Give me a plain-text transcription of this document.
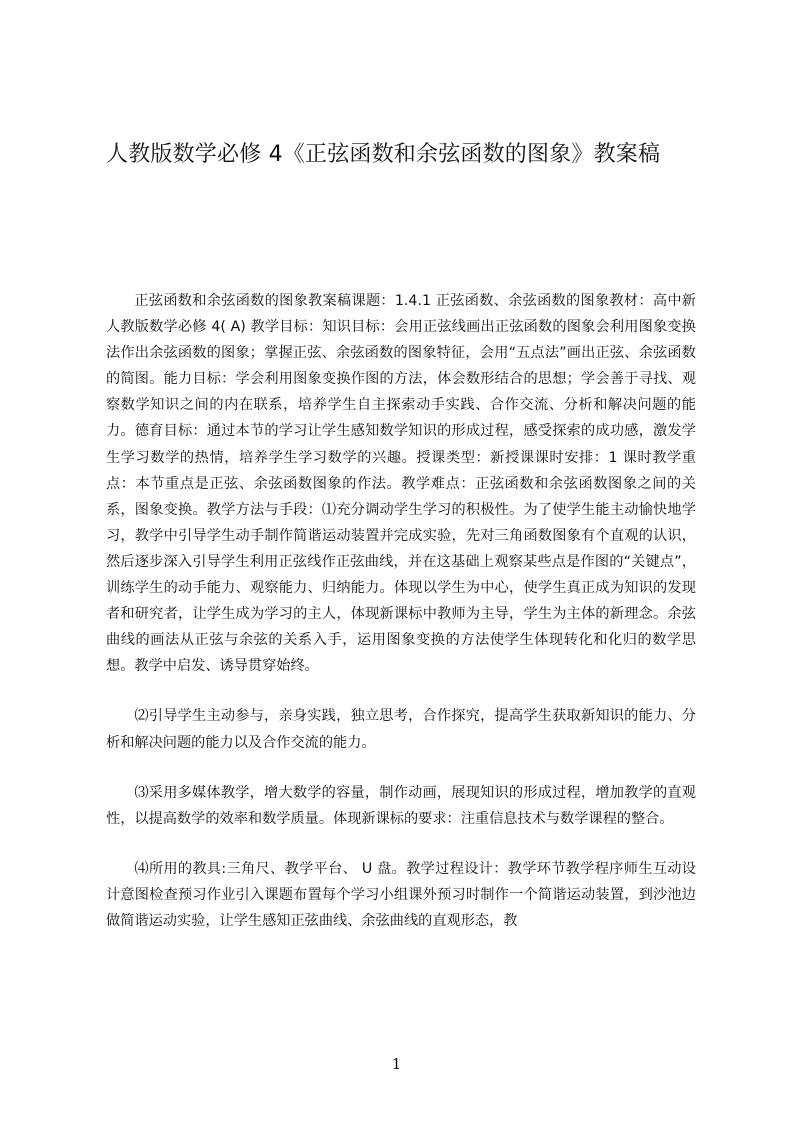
人教版数学必修 4《正弦函数和余弦函数的图象》教案稿

正弦函数和余弦函数的图象教案稿课题：1.4.1 正弦函数、余弦函数的图象教材：高中新人教版数学必修 4( A) 教学目标：知识目标：会用正弦线画出正弦函数的图象会利用图象变换法作出余弦函数的图象；掌握正弦、余弦函数的图象特征，会用“五点法”画出正弦、余弦函数的简图。能力目标：学会利用图象变换作图的方法，体会数形结合的思想；学会善于寻找、观察数学知识之间的内在联系，培养学生自主探索动手实践、合作交流、分析和解决问题的能力。德育目标：通过本节的学习让学生感知数学知识的形成过程，感受探索的成功感，激发学生学习数学的热情，培养学生学习数学的兴趣。授课类型：新授课课时安排：1 课时教学重点：本节重点是正弦、余弦函数图象的作法。教学难点：正弦函数和余弦函数图象之间的关系，图象变换。教学方法与手段：⑴充分调动学生学习的积极性。为了使学生能主动愉快地学习，教学中引导学生动手制作简谐运动装置并完成实验，先对三角函数图象有个直观的认识，然后逐步深入引导学生利用正弦线作正弦曲线，并在这基础上观察某些点是作图的“关键点”，训练学生的动手能力、观察能力、归纳能力。体现以学生为中心，使学生真正成为知识的发现者和研究者，让学生成为学习的主人，体现新课标中教师为主导，学生为主体的新理念。余弦曲线的画法从正弦与余弦的关系入手，运用图象变换的方法使学生体现转化和化归的数学思想。教学中启发、诱导贯穿始终。

⑵引导学生主动参与，亲身实践，独立思考，合作探究，提高学生获取新知识的能力、分析和解决问题的能力以及合作交流的能力。

⑶采用多媒体教学，增大数学的容量，制作动画，展现知识的形成过程，增加教学的直观性，以提高数学的效率和数学质量。体现新课标的要求：注重信息技术与数学课程的整合。

⑷所用的教具:三角尺、教学平台、 U 盘。教学过程设计：教学环节教学程序师生互动设计意图检查预习作业引入课题布置每个学习小组课外预习时制作一个简谐运动装置，到沙池边做简谐运动实验，让学生感知正弦曲线、余弦曲线的直观形态，教

1
